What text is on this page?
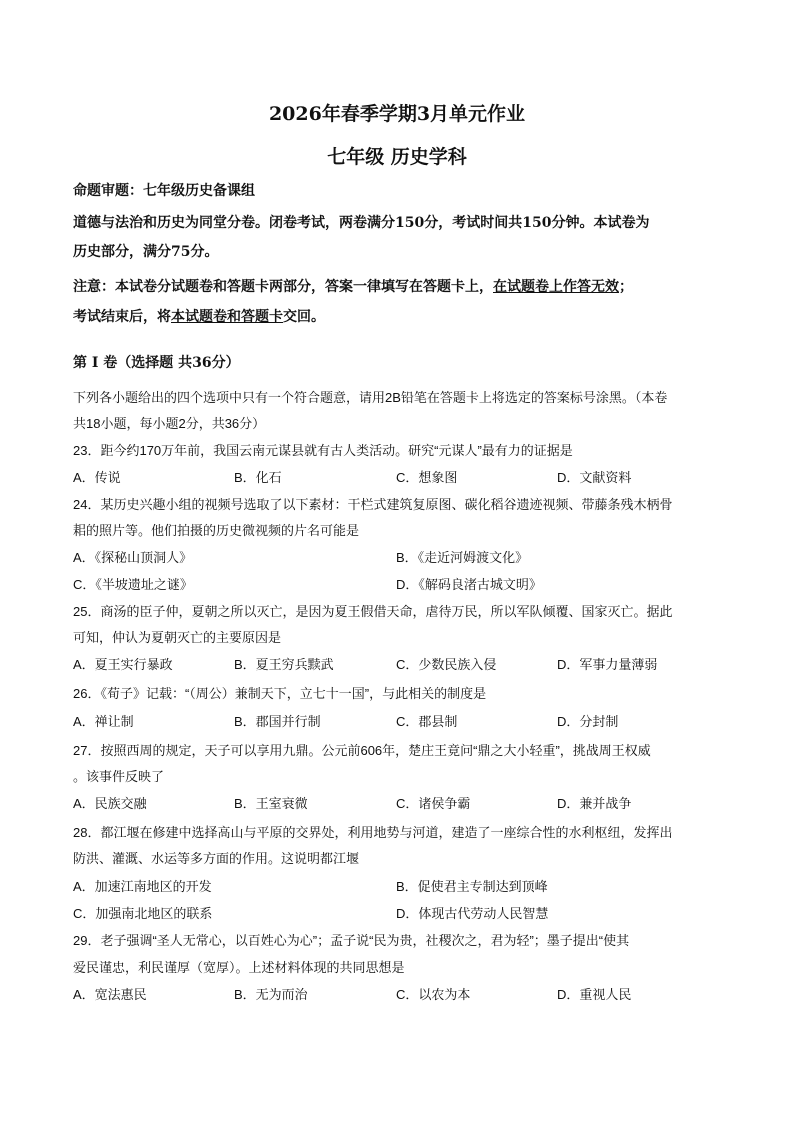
2026年春季学期3月单元作业
七年级 历史学科
命题审题：七年级历史备课组
道德与法治和历史为同堂分卷。闭卷考试，两卷满分150分，考试时间共150分钟。本试卷为
历史部分，满分75分。
注意：本试卷分试题卷和答题卡两部分，答案一律填写在答题卡上，在试题卷上作答无效；
考试结束后，将本试题卷和答题卡交回。
第 I 卷（选择题 共36分）
下列各小题给出的四个选项中只有一个符合题意，请用2B铅笔在答题卡上将选定的答案标号涂黑。（本卷
共18小题，每小题2分，共36分）
23．距今约170万年前，我国云南元谋县就有古人类活动。研究“元谋人”最有力的证据是
A．传说	B．化石	C．想象图	D．文献资料
24．某历史兴趣小组的视频号选取了以下素材：干栏式建筑复原图、碳化稻谷遗迹视频、带藤条残木柄骨
耜的照片等。他们拍摄的历史微视频的片名可能是
A．《探秘山顶洞人》	B．《走近河姆渡文化》
C．《半坡遗址之谜》	D．《解码良渚古城文明》
25．商汤的臣子仲，夏朝之所以灭亡，是因为夏王假借天命，虐待万民，所以军队倾覆、国家灭亡。据此
可知，仲认为夏朝灭亡的主要原因是
A．夏王实行暴政	B．夏王穷兵黩武	C．少数民族入侵	D．军事力量薄弱
26．《荀子》记载：“（周公）兼制天下，立七十一国”，与此相关的制度是
A．禅让制	B．郡国并行制	C．郡县制	D．分封制
27．按照西周的规定，天子可以享用九鼎。公元前606年，楚庄王竟问“鼎之大小轻重”，挑战周王权威
。该事件反映了
A．民族交融	B．王室衰微	C．诸侯争霸	D．兼并战争
28．都江堰在修建中选择高山与平原的交界处，利用地势与河道，建造了一座综合性的水利枢纽，发挥出
防洪、灌溉、水运等多方面的作用。这说明都江堰
A．加速江南地区的开发	B．促使君主专制达到顶峰
C．加强南北地区的联系	D．体现古代劳动人民智慧
29．老子强调“圣人无常心，以百姓心为心”；孟子说“民为贵，社稷次之，君为轻”；墨子提出“使其
爱民谨忠，利民谨厚（宽厚）。上述材料体现的共同思想是
A．宽法惠民	B．无为而治	C．以农为本	D．重视人民
